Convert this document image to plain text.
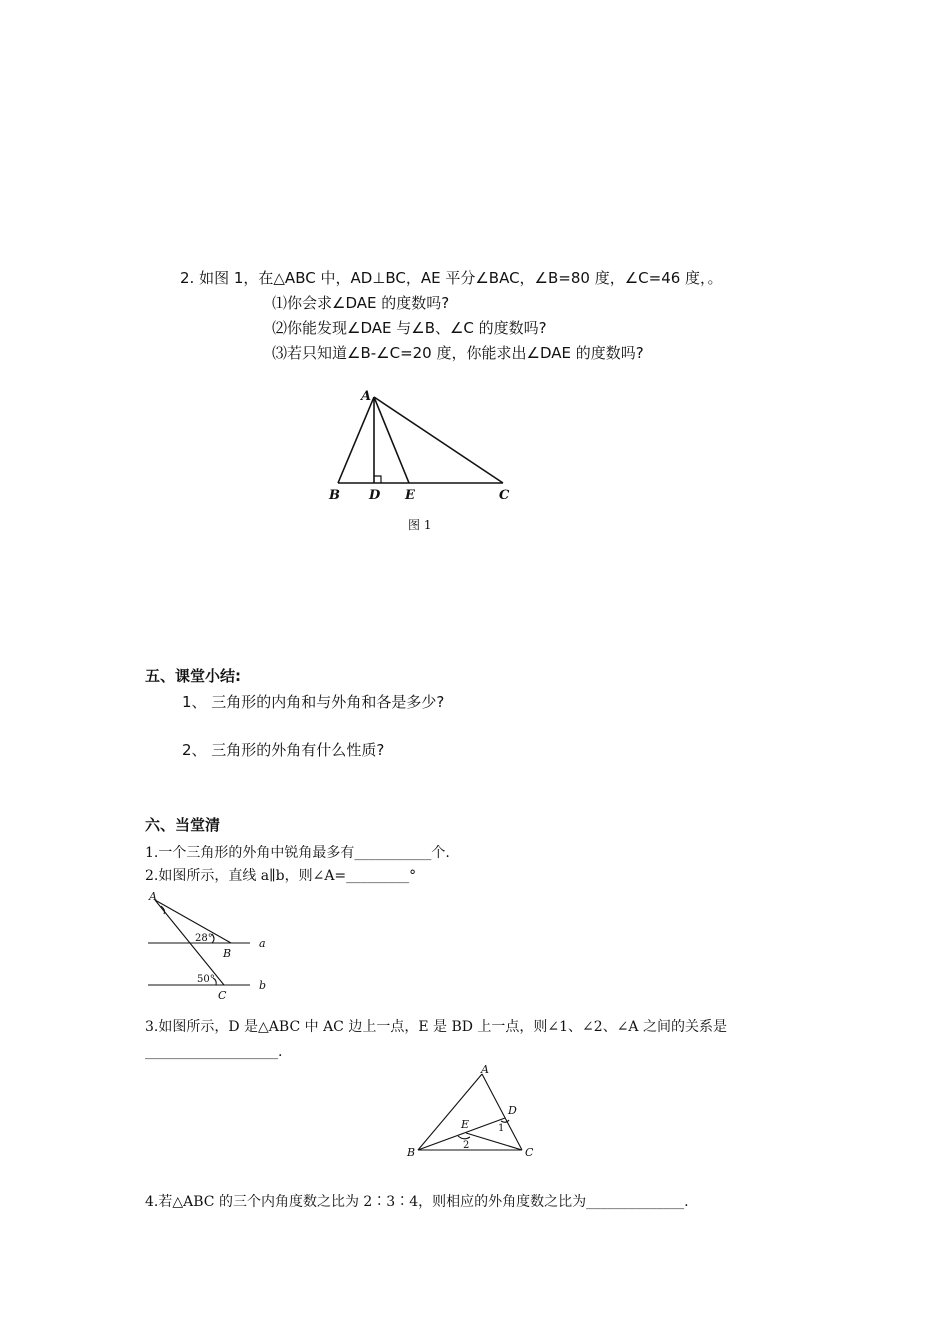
2. 如图 1，在△ABC 中，AD⊥BC，AE 平分∠BAC，∠B=80 度，∠C=46 度，。
⑴你会求∠DAE 的度数吗?
⑵你能发现∠DAE 与∠B、∠C 的度数吗?
⑶若只知道∠B-∠C=20 度，你能求出∠DAE 的度数吗?
A
B D E	C
图 1
五、课堂小结:
1、 三角形的内角和与外角和各是多少?
2、 三角形的外角有什么性质?
六、当堂清
1.一个三角形的外角中锐角最多有___________个.
2.如图所示，直线 a∥b，则∠A=_________°
A
B
C
a
b
28°
50°
3.如图所示，D 是△ABC 中 AC 边上一点，E 是 BD 上一点，则∠1、∠2、∠A 之间的关系是
___________________.
A
B	C
D
E	1
2
4.若△ABC 的三个内角度数之比为 2∶3∶4，则相应的外角度数之比为______________.
